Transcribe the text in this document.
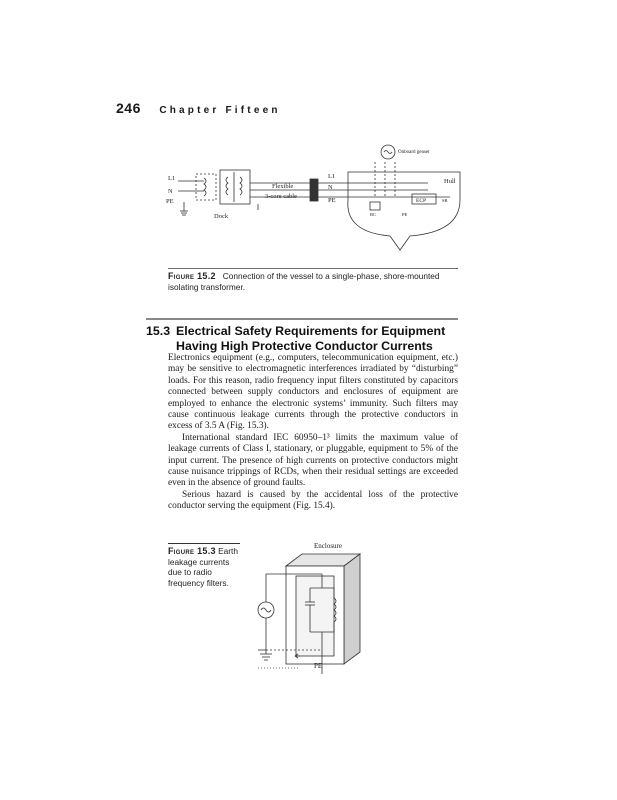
246 Chapter Fifteen
L1
N
PE
Dock
Flexible
3-core cable
L1
N
PE
Hull
Onboard genset
ECP	SB
BC	PE
Figure 15.2 Connection of the vessel to a single-phase, shore-mounted isolating transformer.
15.3 Electrical Safety Requirements for Equipment
Having High Protective Conductor Currents

Electronics equipment (e.g., computers, telecommunication equipment, etc.) may be sensitive to electromagnetic interferences irradiated by “disturbing” loads. For this reason, radio frequency input filters constituted by capacitors connected between supply conductors and enclosures of equipment are employed to enhance the electronic systems’ immunity. Such filters may cause continuous leakage currents through the protective conductors in excess of 3.5 A (Fig. 15.3).

International standard IEC 60950–1³ limits the maximum value of leakage currents of Class I, stationary, or pluggable, equipment to 5% of the input current. The presence of high currents on protective conductors might cause nuisance trippings of RCDs, when their residual settings are exceeded even in the absence of ground faults.

Serious hazard is caused by the accidental loss of the protective conductor serving the equipment (Fig. 15.4).

Figure 15.3 Earth leakage currents due to radio frequency filters.
Enclosure
PE
